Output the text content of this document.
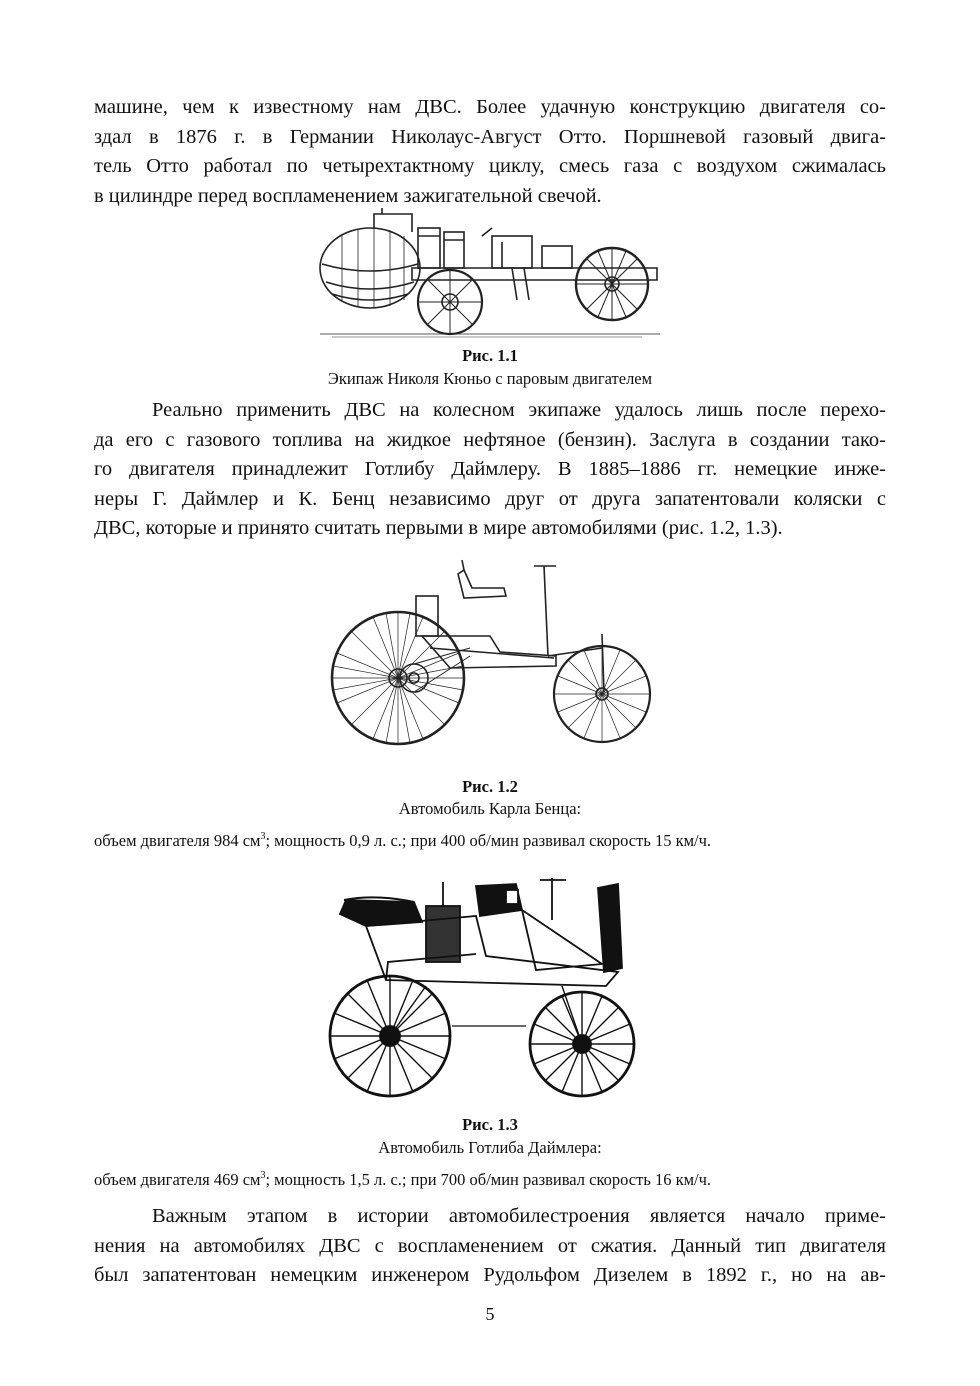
машине, чем к известному нам ДВС. Более удачную конструкцию двигателя со-
здал в 1876 г. в Германии Николаус-Август Отто. Поршневой газовый двига-
тель Отто работал по четырехтактному циклу, смесь газа с воздухом сжималась
в цилиндре перед воспламенением зажигательной свечой.

Рис. 1.1
Экипаж Николя Кюньо с паровым двигателем

Реально применить ДВС на колесном экипаже удалось лишь после перехо-
да его с газового топлива на жидкое нефтяное (бензин). Заслуга в создании тако-
го двигателя принадлежит Готлибу Даймлеру. В 1885–1886 гг. немецкие инже-
неры Г. Даймлер и К. Бенц независимо друг от друга запатентовали коляски с
ДВС, которые и принято считать первыми в мире автомобилями (рис. 1.2, 1.3).

Рис. 1.2
Автомобиль Карла Бенца:
объем двигателя 984 $см^3$; мощность 0,9 л. с.; при 400 об/мин развивал скорость 15 км/ч.
Рис. 1.3
Автомобиль Готлиба Даймлера:
объем двигателя 469 $см^3$; мощность 1,5 л. с.; при 700 об/мин развивал скорость 16 км/ч.

Важным этапом в истории автомобилестроения является начало приме-
нения на автомобилях ДВС с воспламенением от сжатия. Данный тип двигателя
был запатентован немецким инженером Рудольфом Дизелем в 1892 г., но на ав-

5
